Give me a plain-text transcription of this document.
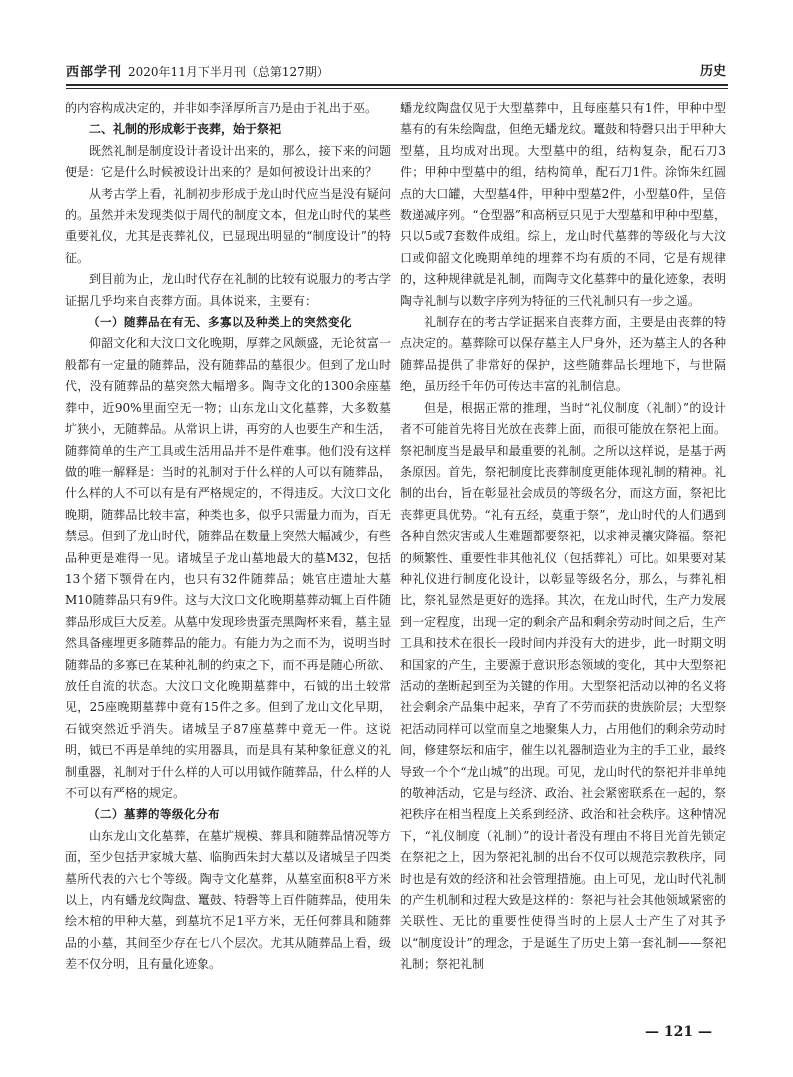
西部学刊 2020年11月下半月刊（总第127期）	历史

的内容构成决定的，并非如李泽厚所言乃是由于礼出于巫。

二、礼制的形成彰于丧葬，始于祭祀

既然礼制是制度设计者设计出来的，那么，接下来的问题便是：它是什么时候被设计出来的？是如何被设计出来的？

从考古学上看，礼制初步形成于龙山时代应当是没有疑问的。虽然并未发现类似于周代的制度文本，但龙山时代的某些重要礼仪，尤其是丧葬礼仪，已显现出明显的“制度设计”的特征。

到目前为止，龙山时代存在礼制的比较有说服力的考古学证据几乎均来自丧葬方面。具体说来，主要有：

（一）随葬品在有无、多寡以及种类上的突然变化

仰韶文化和大汶口文化晚期，厚葬之风颇盛，无论贫富一般都有一定量的随葬品，没有随葬品的墓很少。但到了龙山时代，没有随葬品的墓突然大幅增多。陶寺文化的1300余座墓葬中，近90%里面空无一物；山东龙山文化墓葬，大多数墓圹狭小，无随葬品。从常识上讲，再穷的人也要生产和生活，随葬简单的生产工具或生活用品并不是件难事。他们没有这样做的唯一解释是：当时的礼制对于什么样的人可以有随葬品，什么样的人不可以有是有严格规定的，不得违反。大汶口文化晚期，随葬品比较丰富，种类也多，似乎只需量力而为，百无禁忌。但到了龙山时代，随葬品在数量上突然大幅减少，有些品种更是难得一见。诸城呈子龙山墓地最大的墓M32，包括13个猪下颚骨在内，也只有32件随葬品；姚官庄遗址大墓M10随葬品只有9件。这与大汶口文化晚期墓葬动辄上百件随葬品形成巨大反差。从墓中发现珍贵蛋壳黑陶杯来看，墓主显然具备瘗埋更多随葬品的能力。有能力为之而不为，说明当时随葬品的多寡已在某种礼制的约束之下，而不再是随心所欲、放任自流的状态。大汶口文化晚期墓葬中，石钺的出土较常见，25座晚期墓葬中竟有15件之多。但到了龙山文化早期，石钺突然近乎消失。诸城呈子87座墓葬中竟无一件。这说明，钺已不再是单纯的实用器具，而是具有某种象征意义的礼制重器，礼制对于什么样的人可以用钺作随葬品，什么样的人不可以有严格的规定。

（二）墓葬的等级化分布

山东龙山文化墓葬，在墓圹规模、葬具和随葬品情况等方面，至少包括尹家城大墓、临朐西朱封大墓以及诸城呈子四类墓所代表的六七个等级。陶寺文化墓葬，从墓室面积8平方米以上，内有蟠龙纹陶盘、鼍鼓、特磬等上百件随葬品，使用朱绘木棺的甲种大墓，到墓坑不足1平方米，无任何葬具和随葬品的小墓，其间至少存在七八个层次。尤其从随葬品上看，级差不仅分明，且有量化迹象。

蟠龙纹陶盘仅见于大型墓葬中，且每座墓只有1件，甲种中型墓有的有朱绘陶盘，但绝无蟠龙纹。鼍鼓和特磬只出于甲种大型墓，且均成对出现。大型墓中的组，结构复杂，配石刀3件；甲种中型墓中的组，结构简单，配石刀1件。涂饰朱红圆点的大口罐，大型墓4件，甲种中型墓2件，小型墓0件，呈倍数递减序列。“仓型器”和高柄豆只见于大型墓和甲种中型墓，只以5或7套数件成组。综上，龙山时代墓葬的等级化与大汶口或仰韶文化晚期单纯的埋葬不均有质的不同，它是有规律的，这种规律就是礼制，而陶寺文化墓葬中的量化迹象，表明陶寺礼制与以数字序列为特征的三代礼制只有一步之遥。

礼制存在的考古学证据来自丧葬方面，主要是由丧葬的特点决定的。墓葬除可以保存墓主人尸身外，还为墓主人的各种随葬品提供了非常好的保护，这些随葬品长埋地下，与世隔绝，虽历经千年仍可传达丰富的礼制信息。

但是，根据正常的推理，当时“礼仪制度（礼制）”的设计者不可能首先将目光放在丧葬上面，而很可能放在祭祀上面。祭祀制度当是最早和最重要的礼制。之所以这样说，是基于两条原因。首先，祭祀制度比丧葬制度更能体现礼制的精神。礼制的出台，旨在彰显社会成员的等级名分，而这方面，祭祀比丧葬更具优势。“礼有五经，莫重于祭”，龙山时代的人们遇到各种自然灾害或人生难题都要祭祀，以求神灵禳灾降福。祭祀的频繁性、重要性非其他礼仪（包括葬礼）可比。如果要对某种礼仪进行制度化设计，以彰显等级名分，那么，与葬礼相比，祭礼显然是更好的选择。其次，在龙山时代，生产力发展到一定程度，出现一定的剩余产品和剩余劳动时间之后，生产工具和技术在很长一段时间内并没有大的进步，此一时期文明和国家的产生，主要源于意识形态领域的变化，其中大型祭祀活动的垄断起到至为关键的作用。大型祭祀活动以神的名义将社会剩余产品集中起来，孕育了不劳而获的贵族阶层；大型祭祀活动同样可以堂而皇之地聚集人力，占用他们的剩余劳动时间，修建祭坛和庙宇，催生以礼器制造业为主的手工业，最终导致一个个“龙山城”的出现。可见，龙山时代的祭祀并非单纯的敬神活动，它是与经济、政治、社会紧密联系在一起的，祭祀秩序在相当程度上关系到经济、政治和社会秩序。这种情况下，“礼仪制度（礼制）”的设计者没有理由不将目光首先锁定在祭祀之上，因为祭祀礼制的出台不仅可以规范宗教秩序，同时也是有效的经济和社会管理措施。由上可见，龙山时代礼制的产生机制和过程大致是这样的：祭祀与社会其他领域紧密的关联性、无比的重要性使得当时的上层人士产生了对其予以“制度设计”的理念，于是诞生了历史上第一套礼制——祭祀礼制；祭祀礼制

— 121 —
